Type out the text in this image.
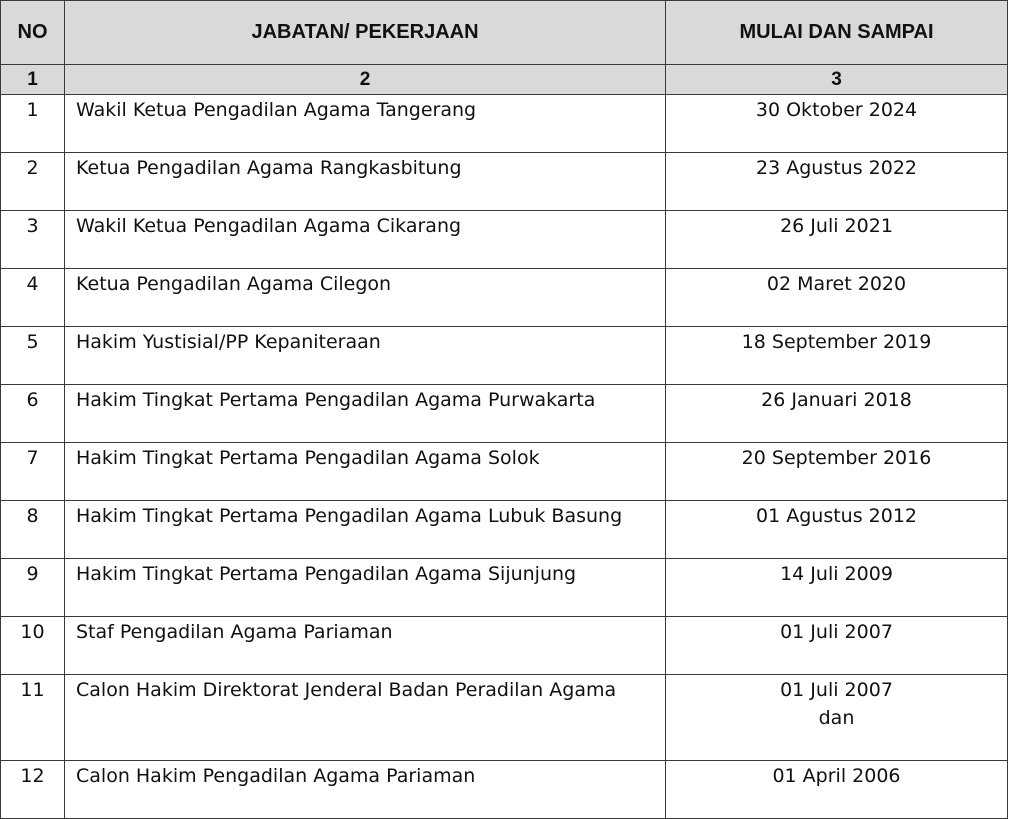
NO	JABATAN/ PEKERJAAN	MULAI DAN SAMPAI
1	2	3
1	Wakil Ketua Pengadilan Agama Tangerang	30 Oktober 2024
2	Ketua Pengadilan Agama Rangkasbitung	23 Agustus 2022
3	Wakil Ketua Pengadilan Agama Cikarang	26 Juli 2021
4	Ketua Pengadilan Agama Cilegon	02 Maret 2020
5	Hakim Yustisial/PP Kepaniteraan	18 September 2019
6	Hakim Tingkat Pertama Pengadilan Agama Purwakarta	26 Januari 2018
7	Hakim Tingkat Pertama Pengadilan Agama Solok	20 September 2016
8	Hakim Tingkat Pertama Pengadilan Agama Lubuk Basung	01 Agustus 2012
9	Hakim Tingkat Pertama Pengadilan Agama Sijunjung	14 Juli 2009
10	Staf Pengadilan Agama Pariaman	01 Juli 2007
11	Calon Hakim Direktorat Jenderal Badan Peradilan Agama	01 Juli 2007
dan

12	Calon Hakim Pengadilan Agama Pariaman	01 April 2006
